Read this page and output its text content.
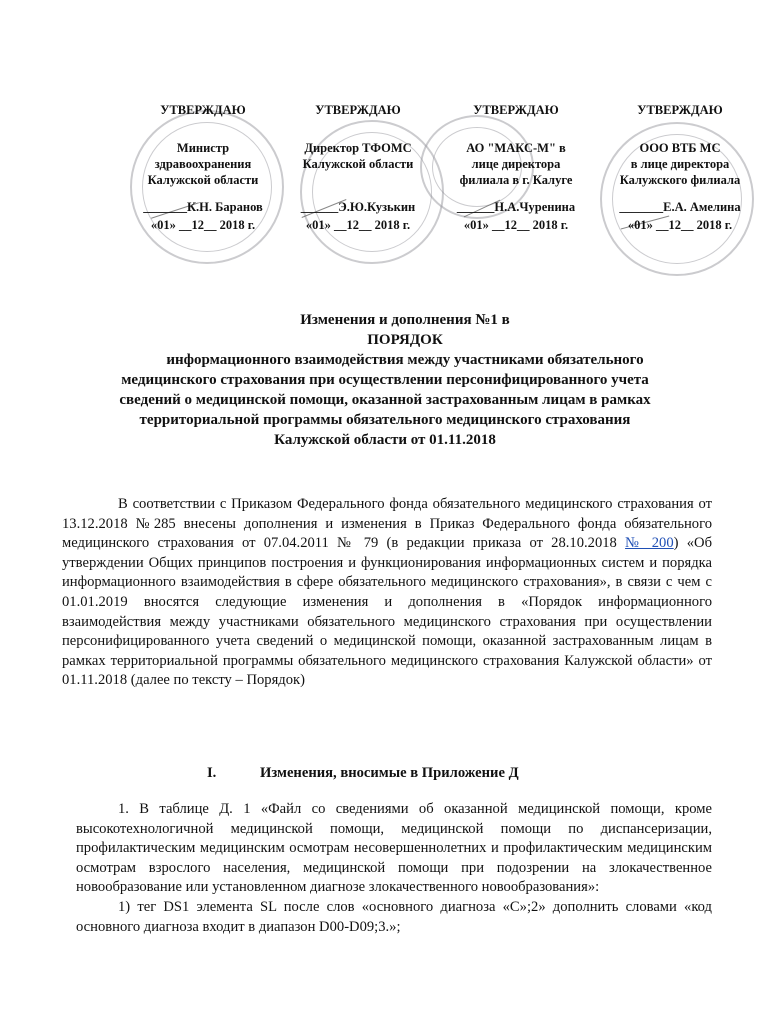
УТВЕРЖДАЮ
Министр
здравоохранения
Калужской области
_______К.Н. Баранов
«01» __12__ 2018 г.
УТВЕРЖДАЮ
Директор ТФОМС
Калужской области
______Э.Ю.Кузькин
«01» __12__ 2018 г.
УТВЕРЖДАЮ
АО "МАКС-М" в
лице директора
филиала в г. Калуге
______Н.А.Чуренина
«01» __12__ 2018 г.
УТВЕРЖДАЮ
ООО ВТБ МС
в лице директора
Калужского филиала
_______Е.А. Амелина
«01» __12__ 2018 г.
Изменения и дополнения №1 в
ПОРЯДОК
информационного взаимодействия между участниками обязательного
медицинского страхования при осуществлении персонифицированного учета
сведений о медицинской помощи, оказанной застрахованным лицам в рамках
территориальной программы обязательного медицинского страхования
Калужской области от 01.11.2018
В соответствии с Приказом Федерального фонда обязательного медицинского страхования от 13.12.2018 №285 внесены дополнения и изменения в Приказ Федерального фонда обязательного медицинского страхования от 07.04.2011 № 79 (в редакции приказа от 28.10.2018 № 200) «Об утверждении Общих принципов построения и функционирования информационных систем и порядка информационного взаимодействия в сфере обязательного медицинского страхования», в связи с чем с 01.01.2019 вносятся следующие изменения и дополнения в «Порядок информационного взаимодействия между участниками обязательного медицинского страхования при осуществлении персонифицированного учета сведений о медицинской помощи, оказанной застрахованным лицам в рамках территориальной программы обязательного медицинского страхования Калужской области» от 01.11.2018 (далее по тексту – Порядок)
I.	Изменения, вносимые в Приложение Д

1. В таблице Д. 1 «Файл со сведениями об оказанной медицинской помощи, кроме высокотехнологичной медицинской помощи, медицинской помощи по диспансеризации, профилактическим медицинским осмотрам несовершеннолетних и профилактическим медицинским осмотрам взрослого населения, медицинской помощи при подозрении на злокачественное новообразование или установленном диагнозе злокачественного новообразования»:

1) тег DS1 элемента SL после слов «основного диагноза «С»;2» дополнить словами «код основного диагноза входит в диапазон D00-D09;3.»;
